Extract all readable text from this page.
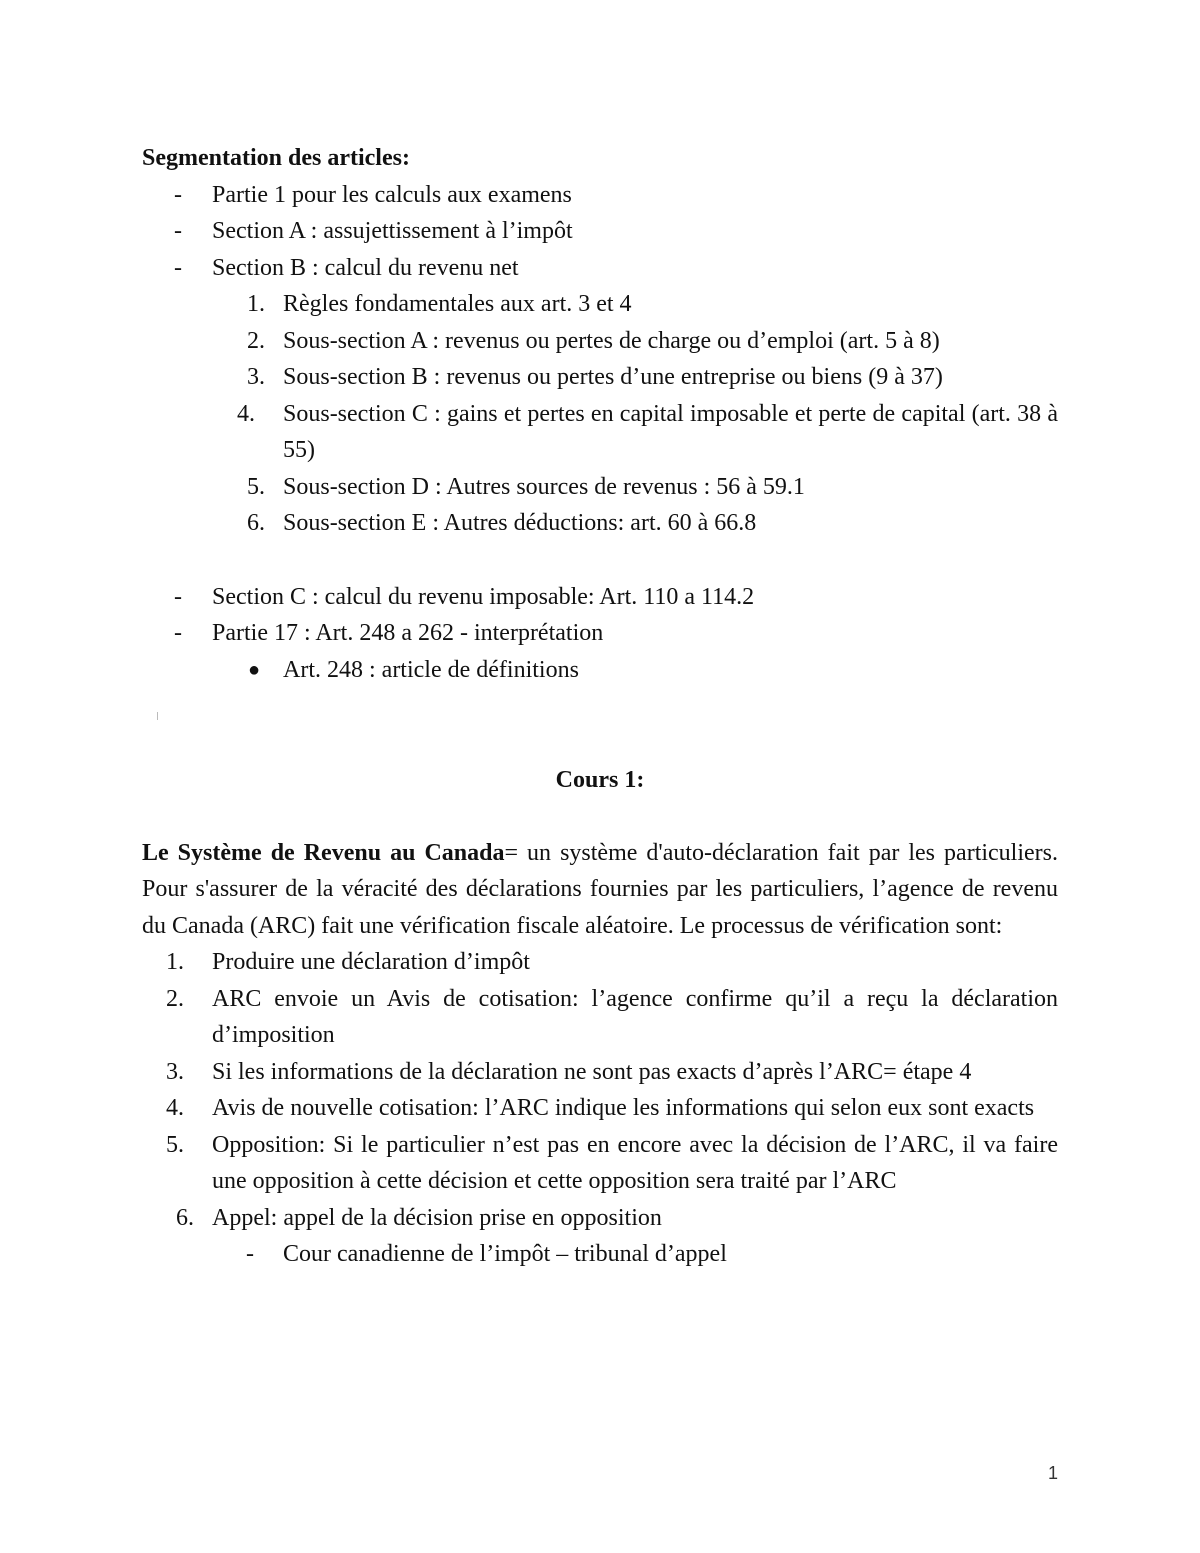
Segmentation des articles:

- Partie 1 pour les calculs aux examens
- Section A : assujettissement à l’impôt
- Section B : calcul du revenu net
1. Règles fondamentales aux art. 3 et 4
2. Sous-section A : revenus ou pertes de charge ou d’emploi (art. 5 à 8)
3. Sous-section B : revenus ou pertes d’une entreprise ou biens (9 à 37)
4.	Sous-section C : gains et pertes en capital imposable et perte de capital (art. 38 à 55)
5. Sous-section D : Autres sources de revenus : 56 à 59.1
6. Sous-section E : Autres déductions: art. 60 à 66.8
- Section C : calcul du revenu imposable: Art. 110 a 114.2
- Partie 17 : Art. 248 a 262 - interprétation
● Art. 248 : article de définitions

Cours 1:

Le Système de Revenu au Canada= un système d'auto-déclaration fait par les particuliers. Pour s'assurer de la véracité des déclarations fournies par les particuliers, l’agence de revenu du Canada (ARC) fait une vérification fiscale aléatoire. Le processus de vérification sont:

1.	Produire une déclaration d’impôt
2.	ARC envoie un Avis de cotisation: l’agence confirme qu’il a reçu la déclaration d’imposition
3.	Si les informations de la déclaration ne sont pas exacts d’après l’ARC= étape 4
4.	Avis de nouvelle cotisation: l’ARC indique les informations qui selon eux sont exacts
5.	Opposition: Si le particulier n’est pas en encore avec la décision de l’ARC, il va faire une opposition à cette décision et cette opposition sera traité par l’ARC
6. Appel: appel de la décision prise en opposition
- Cour canadienne de l’impôt – tribunal d’appel
1
